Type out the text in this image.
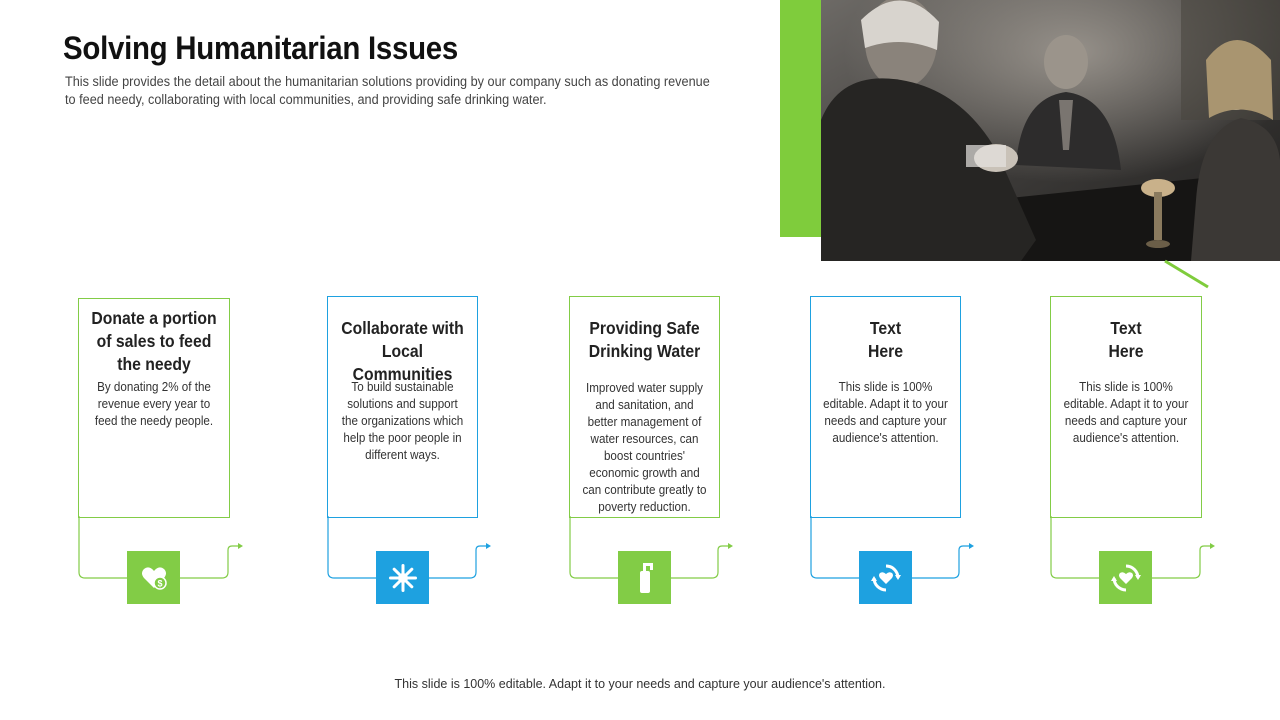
Solving Humanitarian Issues
This slide provides the detail about the humanitarian solutions providing by our company such as donating revenue to feed needy, collaborating with local communities, and providing safe drinking water.
Donate a portion
of sales to feed
the needy
By donating 2% of the revenue every year to feed the needy people.
$
Collaborate with
Local Communities
To build sustainable solutions and support the organizations which help the poor people in different ways.
Providing Safe
Drinking Water
Improved water supply and sanitation, and better management of water resources, can boost countries' economic growth and can contribute greatly to poverty reduction.
Text
Here
This slide is 100% editable. Adapt it to your needs and capture your audience's attention.
Text
Here
This slide is 100% editable. Adapt it to your needs and capture your audience's attention.
This slide is 100% editable. Adapt it to your needs and capture your audience's attention.
